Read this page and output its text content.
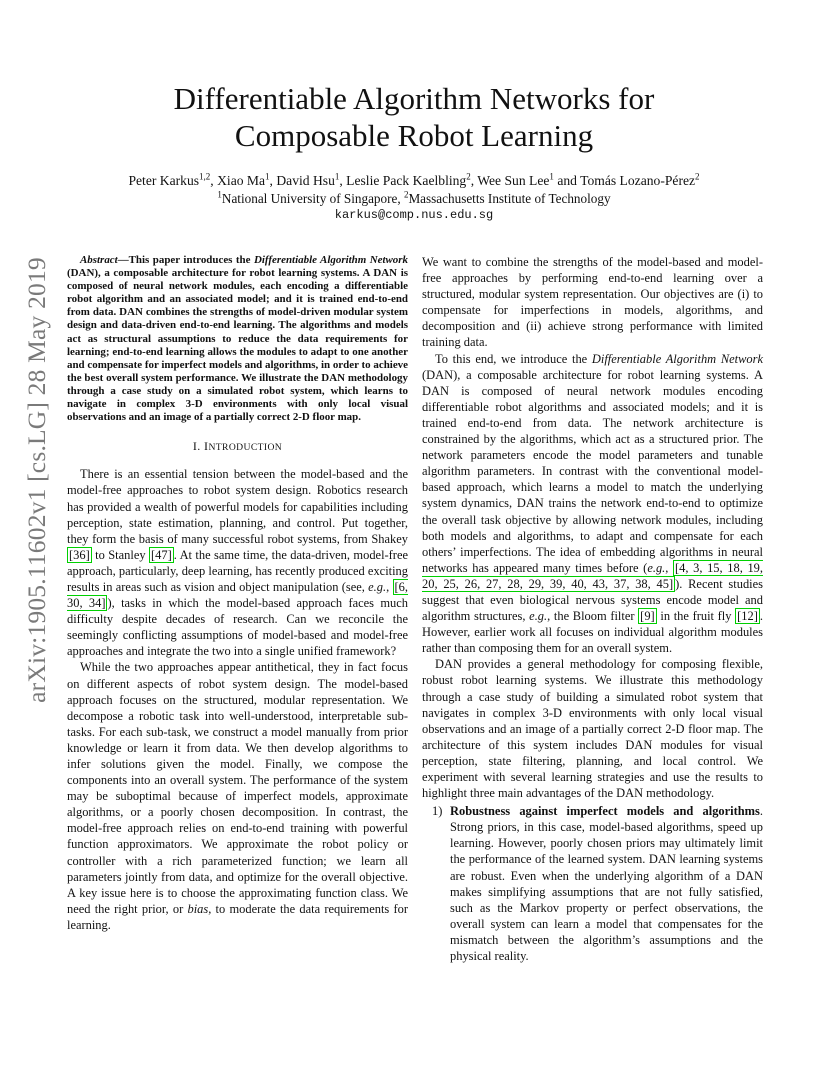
arXiv:1905.11602v1 [cs.LG] 28 May 2019
Differentiable Algorithm Networks for
Composable Robot Learning
Peter Karkus$^{1,2}$, Xiao Ma$^1$, David Hsu$^1$, Leslie Pack Kaelbling$^2$, Wee Sun Lee$^1$ and Tomás Lozano-Pérez$^2$
$^1$National University of Singapore, $^2$Massachusetts Institute of Technology
karkus@comp.nus.edu.sg

Abstract—This paper introduces the Differentiable Algorithm Network (DAN), a composable architecture for robot learning systems. A DAN is composed of neural network modules, each encoding a differentiable robot algorithm and an associated model; and it is trained end-to-end from data. DAN combines the strengths of model-driven modular system design and data-driven end-to-end learning. The algorithms and models act as structural assumptions to reduce the data requirements for learning; end-to-end learning allows the modules to adapt to one another and compensate for imperfect models and algorithms, in order to achieve the best overall system performance. We illustrate the DAN methodology through a case study on a simulated robot system, which learns to navigate in complex 3-D environments with only local visual observations and an image of a partially correct 2-D floor map.

I. INTRODUCTION

There is an essential tension between the model-based and the model-free approaches to robot system design. Robotics research has provided a wealth of powerful models for capabilities including perception, state estimation, planning, and control. Put together, they form the basis of many successful robot systems, from Shakey [36] to Stanley [47] . At the same time, the data-driven, model-free approach, particularly, deep learning, has recently produced exciting results in areas such as vision and object manipulation (see, e.g., [6, 30, 34] ), tasks in which the model-based approach faces much difficulty despite decades of research. Can we reconcile the seemingly conflicting assumptions of model-based and model-free approaches and integrate the two into a single unified framework?

While the two approaches appear antithetical, they in fact focus on different aspects of robot system design. The model-based approach focuses on the structured, modular representation. We decompose a robotic task into well-understood, interpretable sub-tasks. For each sub-task, we construct a model manually from prior knowledge or learn it from data. We then develop algorithms to infer solutions given the model. Finally, we compose the components into an overall system. The performance of the system may be suboptimal because of imperfect models, approximate algorithms, or a poorly chosen decomposition. In contrast, the model-free approach relies on end-to-end training with powerful function approximators. We approximate the robot policy or controller with a rich parameterized function; we learn all parameters jointly from data, and optimize for the overall objective. A key issue here is to choose the approximating function class. We need the right prior, or bias, to moderate the data requirements for learning.

We want to combine the strengths of the model-based and model-free approaches by performing end-to-end learning over a structured, modular system representation. Our objectives are (i) to compensate for imperfections in models, algorithms, and decomposition and (ii) achieve strong performance with limited training data.

To this end, we introduce the Differentiable Algorithm Network (DAN), a composable architecture for robot learning systems. A DAN is composed of neural network modules encoding differentiable robot algorithms and associated models; and it is trained end-to-end from data. The network architecture is constrained by the algorithms, which act as a structured prior. The network parameters encode the model parameters and tunable algorithm parameters. In contrast with the conventional model-based approach, which learns a model to match the underlying system dynamics, DAN trains the network end-to-end to optimize the overall task objective by allowing network modules, including both models and algorithms, to adapt and compensate for each others’ imperfections. The idea of embedding algorithms in neural networks has appeared many times before (e.g., [4, 3, 15, 18, 19, 20, 25, 26, 27, 28, 29, 39, 40, 43, 37, 38, 45] ). Recent studies suggest that even biological nervous systems encode model and algorithm structures, e.g., the Bloom filter [9] in the fruit fly [12] . However, earlier work all focuses on individual algorithm modules rather than composing them for an overall system.

DAN provides a general methodology for composing flexible, robust robot learning systems. We illustrate this methodology through a case study of building a simulated robot system that navigates in complex 3-D environments with only local visual observations and an image of a partially correct 2-D floor map. The architecture of this system includes DAN modules for visual perception, state filtering, planning, and local control. We experiment with several learning strategies and use the results to highlight three main advantages of the DAN methodology.

1) Robustness against imperfect models and algorithms. Strong priors, in this case, model-based algorithms, speed up learning. However, poorly chosen priors may ultimately limit the performance of the learned system. DAN learning systems are robust. Even when the underlying algorithm of a DAN makes simplifying assumptions that are not fully satisfied, such as the Markov property or perfect observations, the overall system can learn a model that compensates for the mismatch between the algorithm’s assumptions and the physical reality.
